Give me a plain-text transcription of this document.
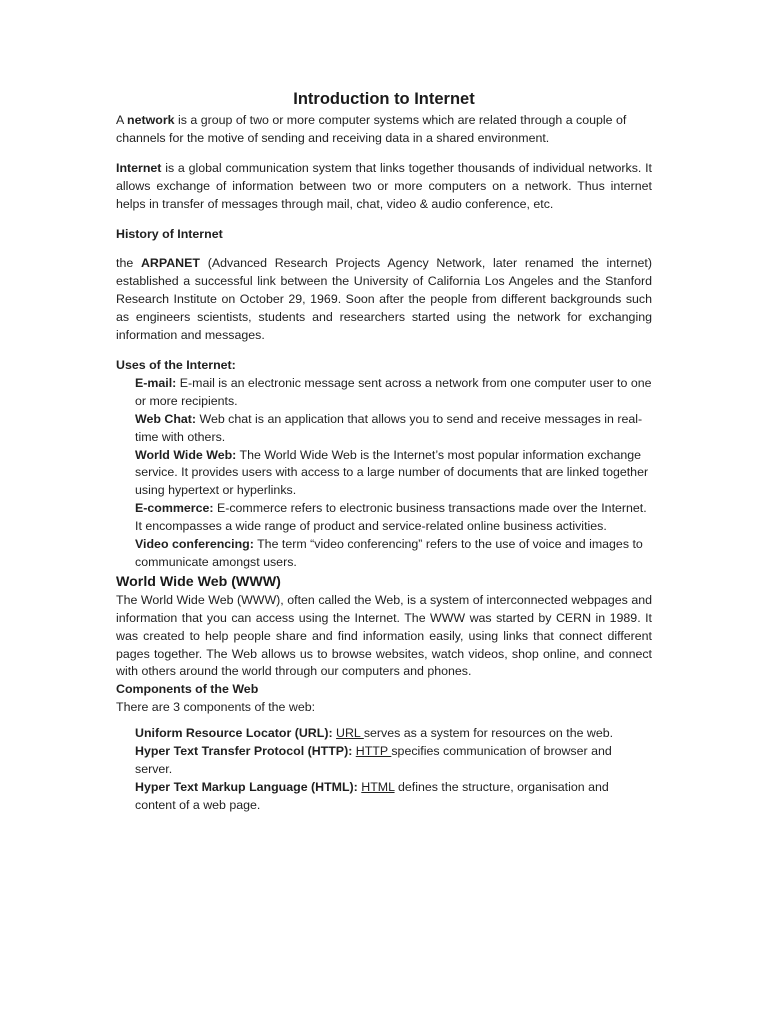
Introduction to Internet

A network is a group of two or more computer systems which are related through a couple of channels for the motive of sending and receiving data in a shared environment.

Internet is a global communication system that links together thousands of individual networks. It allows exchange of information between two or more computers on a network. Thus internet helps in transfer of messages through mail, chat, video & audio conference, etc.

History of Internet

the ARPANET (Advanced Research Projects Agency Network, later renamed the internet) established a successful link between the University of California Los Angeles and the Stanford Research Institute on October 29, 1969. Soon after the people from different backgrounds such as engineers scientists, students and researchers started using the network for exchanging information and messages.

Uses of the Internet:

E-mail: E-mail is an electronic message sent across a network from one computer user to one or more recipients.

Web Chat: Web chat is an application that allows you to send and receive messages in real-time with others.

World Wide Web: The World Wide Web is the Internet’s most popular information exchange service. It provides users with access to a large number of documents that are linked together using hypertext or hyperlinks.

E-commerce: E-commerce refers to electronic business transactions made over the Internet. It encompasses a wide range of product and service-related online business activities.

Video conferencing: The term “video conferencing” refers to the use of voice and images to communicate amongst users.

World Wide Web (WWW)

The World Wide Web (WWW), often called the Web, is a system of interconnected webpages and information that you can access using the Internet. The WWW was started by CERN in 1989. It was created to help people share and find information easily, using links that connect different pages together. The Web allows us to browse websites, watch videos, shop online, and connect with others around the world through our computers and phones.

Components of the Web

There are 3 components of the web:

Uniform Resource Locator (URL): URL serves as a system for resources on the web.

Hyper Text Transfer Protocol (HTTP): HTTP specifies communication of browser and server.

Hyper Text Markup Language (HTML): HTML defines the structure, organisation and content of a web page.
